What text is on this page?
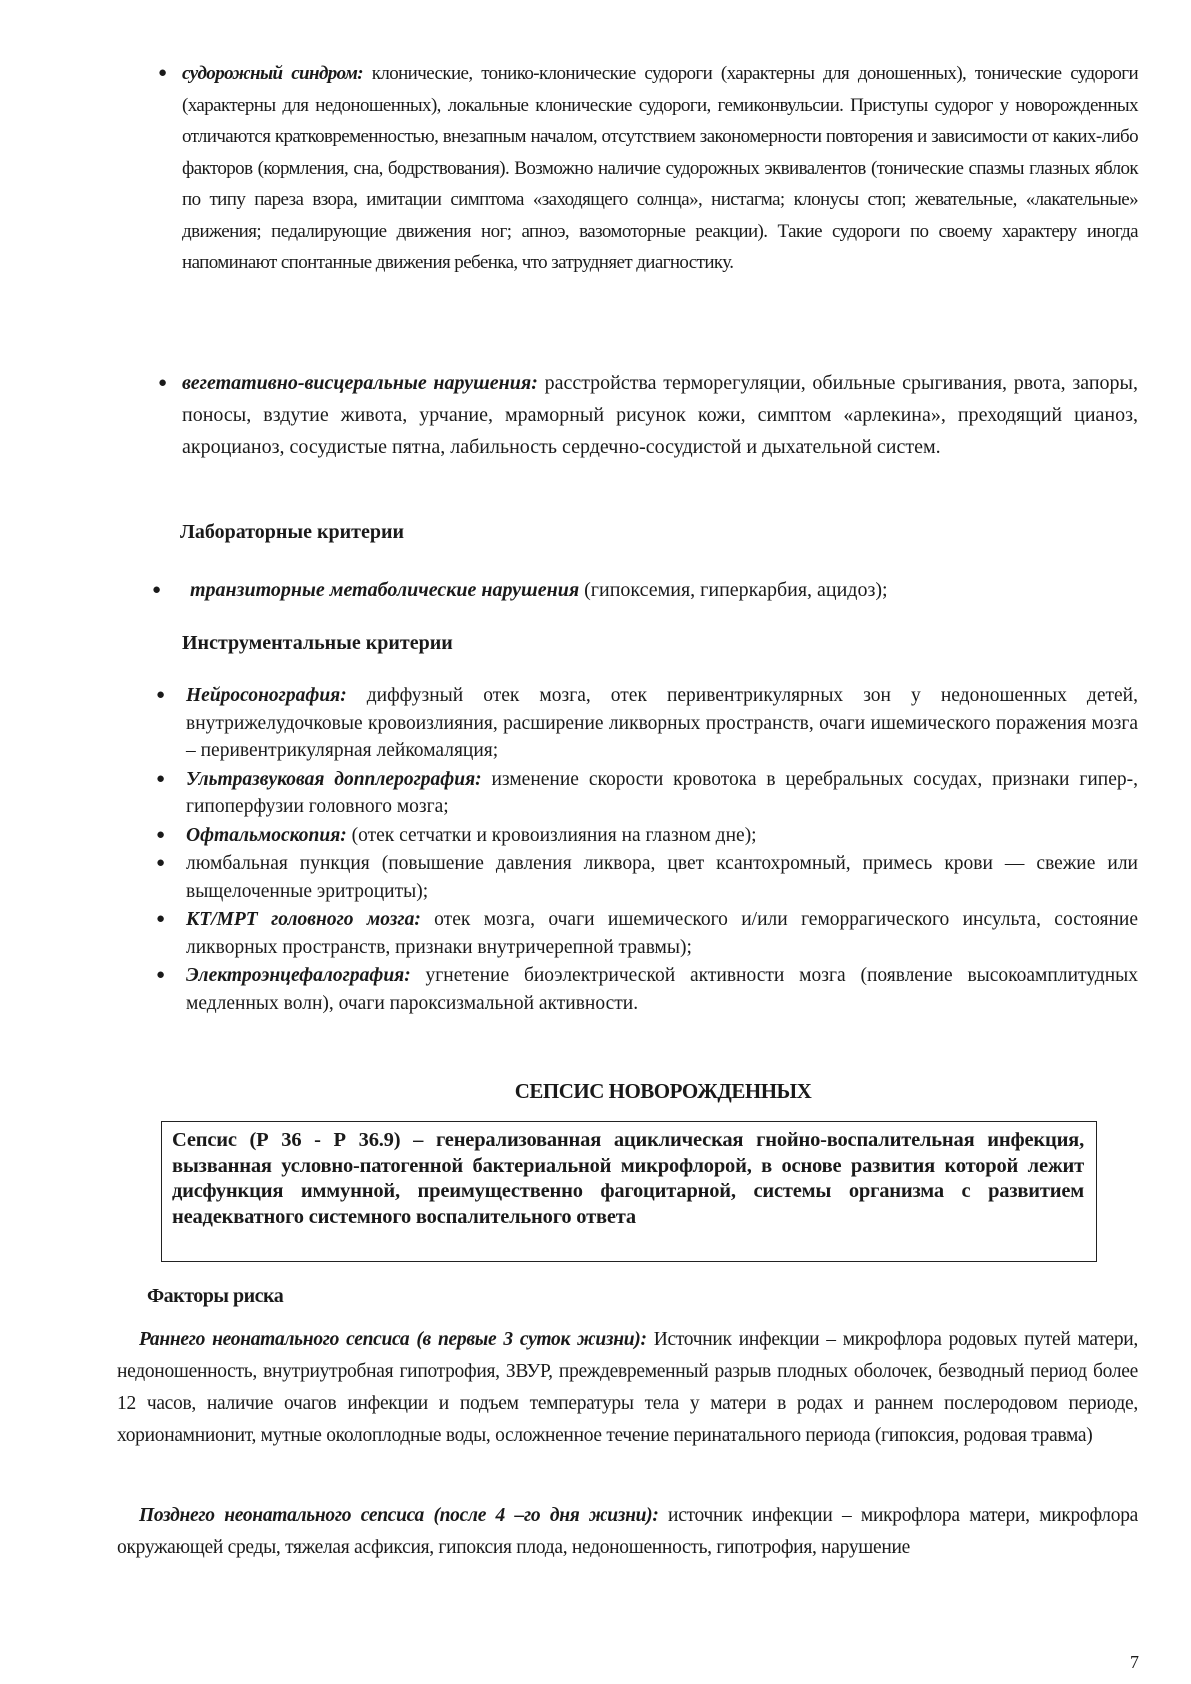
● судорожный синдром: клонические, тонико-клонические судороги (характерны для доношенных), тонические судороги (характерны для недоношенных), локальные клонические судороги, гемиконвульсии. Приступы судорог у новорожденных отличаются кратковременностью, внезапным началом, отсутствием закономерности повторения и зависимости от каких-либо факторов (кормления, сна, бодрствования). Возможно наличие судорожных эквивалентов (тонические спазмы глазных яблок по типу пареза взора, имитации симптома «заходящего солнца», нистагма; клонусы стоп; жевательные, «лакательные» движения; педалирующие движения ног; апноэ, вазомоторные реакции). Такие судороги по своему характеру иногда напоминают спонтанные движения ребенка, что затрудняет диагностику.
● вегетативно-висцеральные нарушения: расстройства терморегуляции, обильные срыгивания, рвота, запоры, поносы, вздутие живота, урчание, мраморный рисунок кожи, симптом «арлекина», преходящий цианоз, акроцианоз, сосудистые пятна, лабильность сердечно-сосудистой и дыхательной систем.
Лабораторные критерии
● транзиторные метаболические нарушения (гипоксемия, гиперкарбия, ацидоз);
Инструментальные критерии
● Нейросонография: диффузный отек мозга, отек перивентрикулярных зон у недоношенных детей, внутрижелудочковые кровоизлияния, расширение ликворных пространств, очаги ишемического поражения мозга – перивентрикулярная лейкомаляция;
● Ультразвуковая допплерография: изменение скорости кровотока в церебральных сосудах, признаки гипер-, гипоперфузии головного мозга;
● Офтальмоскопия: (отек сетчатки и кровоизлияния на глазном дне);
● люмбальная пункция (повышение давления ликвора, цвет ксантохромный, примесь крови — свежие или выщелоченные эритроциты);
● КТ/МРТ головного мозга: отек мозга, очаги ишемического и/или геморрагического инсульта, состояние ликворных пространств, признаки внутричерепной травмы);
● Электроэнцефалография: угнетение биоэлектрической активности мозга (появление высокоамплитудных медленных волн), очаги пароксизмальной активности.
СЕПСИС НОВОРОЖДЕННЫХ
Сепсис (Р 36 - Р 36.9) – генерализованная ациклическая гнойно-воспалительная инфекция, вызванная условно-патогенной бактериальной микрофлорой, в основе развития которой лежит дисфункция иммунной, преимущественно фагоцитарной, системы организма с развитием неадекватного системного воспалительного ответа
Факторы риска
Раннего неонатального сепсиса (в первые 3 суток жизни): Источник инфекции – микрофлора родовых путей матери, недоношенность, внутриутробная гипотрофия, ЗВУР, преждевременный разрыв плодных оболочек, безводный период более 12 часов, наличие очагов инфекции и подъем температуры тела у матери в родах и раннем послеродовом периоде, хорионамнионит, мутные околоплодные воды, осложненное течение перинатального периода (гипоксия, родовая травма)
Позднего неонатального сепсиса (после 4 –го дня жизни): источник инфекции – микрофлора матери, микрофлора окружающей среды, тяжелая асфиксия, гипоксия плода, недоношенность, гипотрофия, нарушение
7
